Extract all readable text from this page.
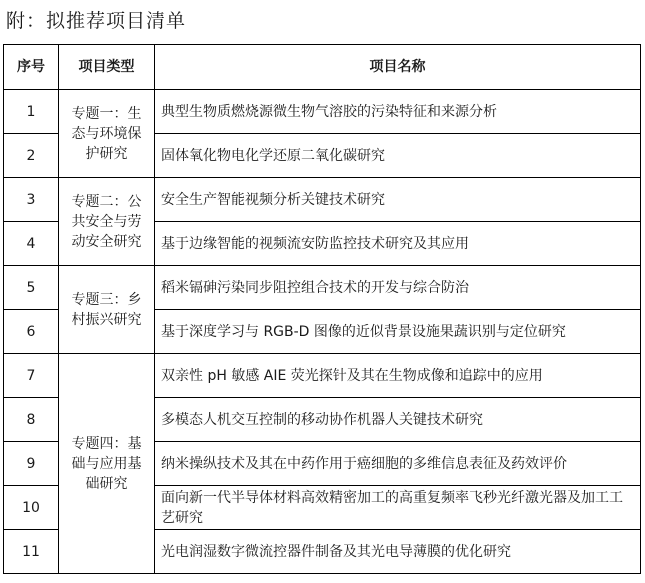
附：拟推荐项目清单
序号	项目类型	项目名称
1	专题一：生态与环境保护研究	典型生物质燃烧源微生物气溶胶的污染特征和来源分析
2		固体氧化物电化学还原二氧化碳研究
3	专题二：公共安全与劳动安全研究	安全生产智能视频分析关键技术研究
4		基于边缘智能的视频流安防监控技术研究及其应用
5	专题三：乡村振兴研究	稻米镉砷污染同步阻控组合技术的开发与综合防治
6		基于深度学习与 RGB-D 图像的近似背景设施果蔬识别与定位研究
7	专题四：基础与应用基础研究	双亲性 pH 敏感 AIE 荧光探针及其在生物成像和追踪中的应用
8		多模态人机交互控制的移动协作机器人关键技术研究
9		纳米操纵技术及其在中药作用于癌细胞的多维信息表征及药效评价
10		面向新一代半导体材料高效精密加工的高重复频率飞秒光纤激光器及加工工艺研究
11		光电润湿数字微流控器件制备及其光电导薄膜的优化研究
